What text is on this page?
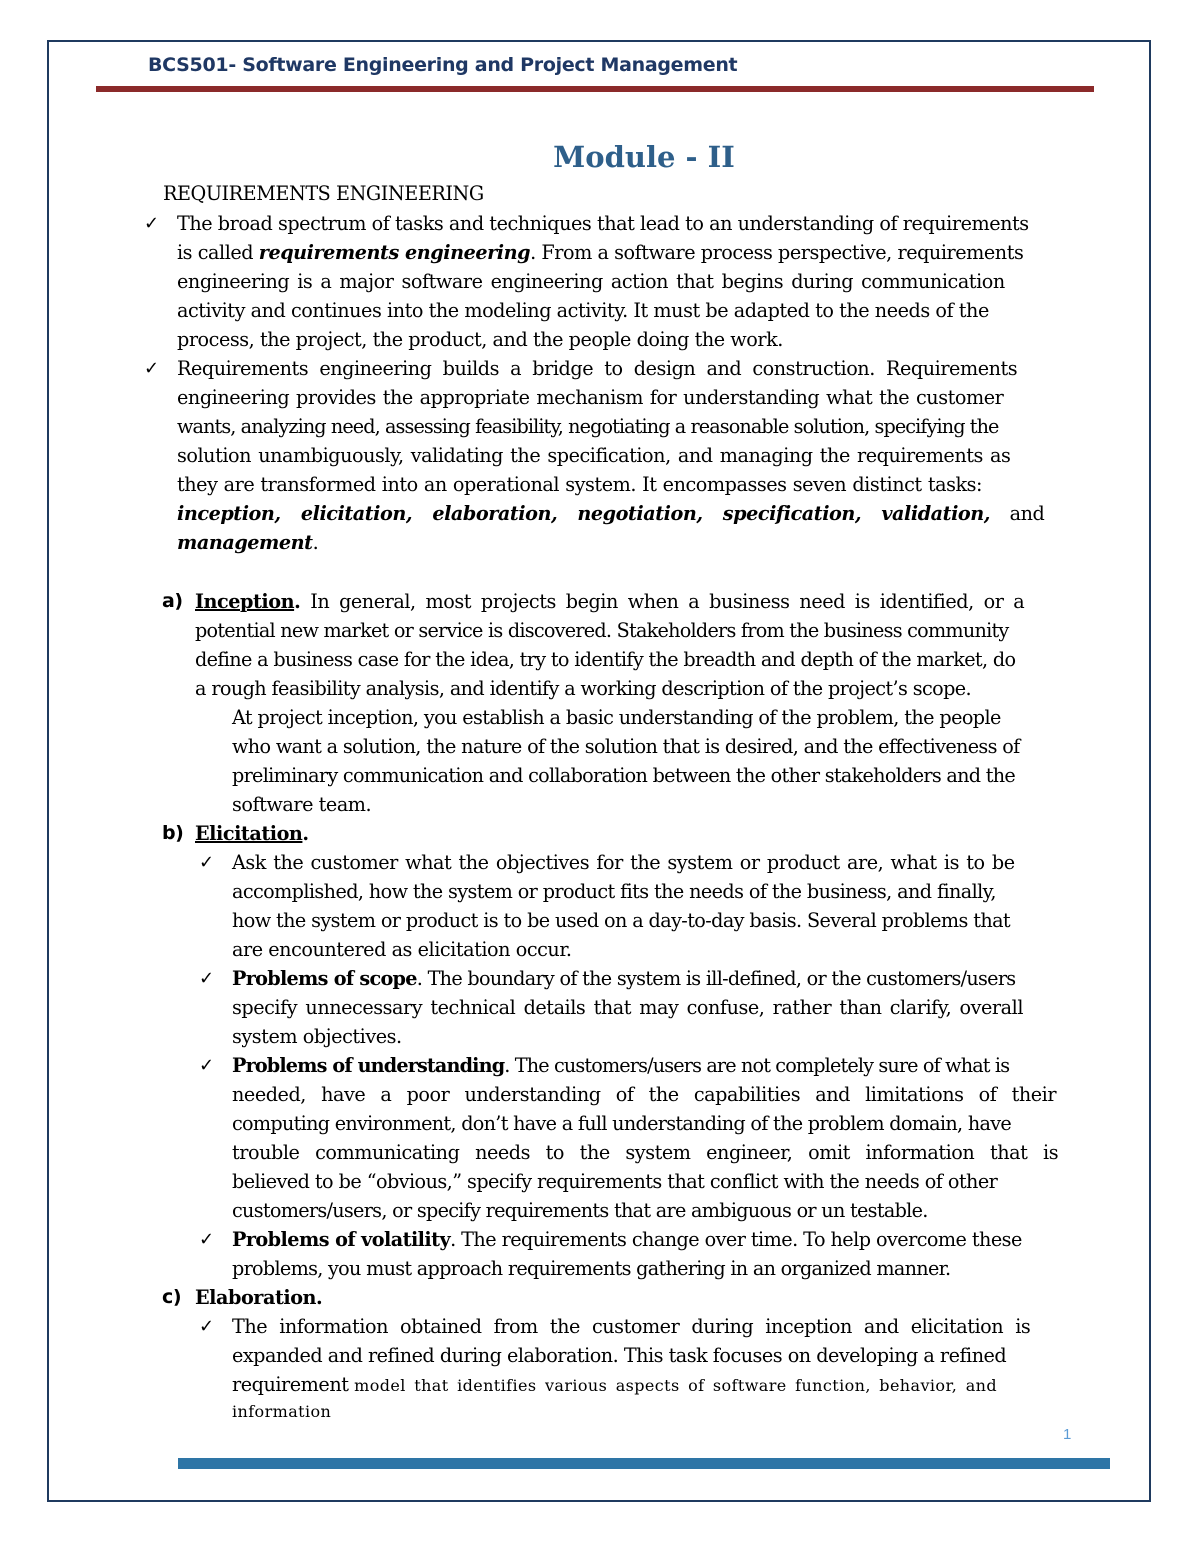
BCS501- Software Engineering and Project Management
Module - II
REQUIREMENTS ENGINEERING
✓ The broad spectrum of tasks and techniques that lead to an understanding of requirements
is called requirements engineering. From a software process perspective, requirements
engineering is a major software engineering action that begins during communication
activity and continues into the modeling activity. It must be adapted to the needs of the
process, the project, the product, and the people doing the work.
✓ Requirements engineering builds a bridge to design and construction. Requirements
engineering provides the appropriate mechanism for understanding what the customer
wants, analyzing need, assessing feasibility, negotiating a reasonable solution, specifying the
solution unambiguously, validating the specification, and managing the requirements as
they are transformed into an operational system. It encompasses seven distinct tasks:
inception, elicitation, elaboration, negotiation, specification, validation, and
management.
a) Inception. In general, most projects begin when a business need is identified, or a
potential new market or service is discovered. Stakeholders from the business community
define a business case for the idea, try to identify the breadth and depth of the market, do
a rough feasibility analysis, and identify a working description of the project’s scope.
At project inception, you establish a basic understanding of the problem, the people
who want a solution, the nature of the solution that is desired, and the effectiveness of
preliminary communication and collaboration between the other stakeholders and the
software team.
b) Elicitation.
✓ Ask the customer what the objectives for the system or product are, what is to be
accomplished, how the system or product fits the needs of the business, and finally,
how the system or product is to be used on a day-to-day basis. Several problems that
are encountered as elicitation occur.
✓ Problems of scope. The boundary of the system is ill-defined, or the customers/users
specify unnecessary technical details that may confuse, rather than clarify, overall
system objectives.
✓ Problems of understanding. The customers/users are not completely sure of what is
needed, have a poor understanding of the capabilities and limitations of their
computing environment, don’t have a full understanding of the problem domain, have
trouble communicating needs to the system engineer, omit information that is
believed to be “obvious,” specify requirements that conflict with the needs of other
customers/users, or specify requirements that are ambiguous or un testable.
✓ Problems of volatility. The requirements change over time. To help overcome these
problems, you must approach requirements gathering in an organized manner.
c) Elaboration.
✓ The information obtained from the customer during inception and elicitation is
expanded and refined during elaboration. This task focuses on developing a refined
requirement model that identifies various aspects of software function, behavior, and
information
1
